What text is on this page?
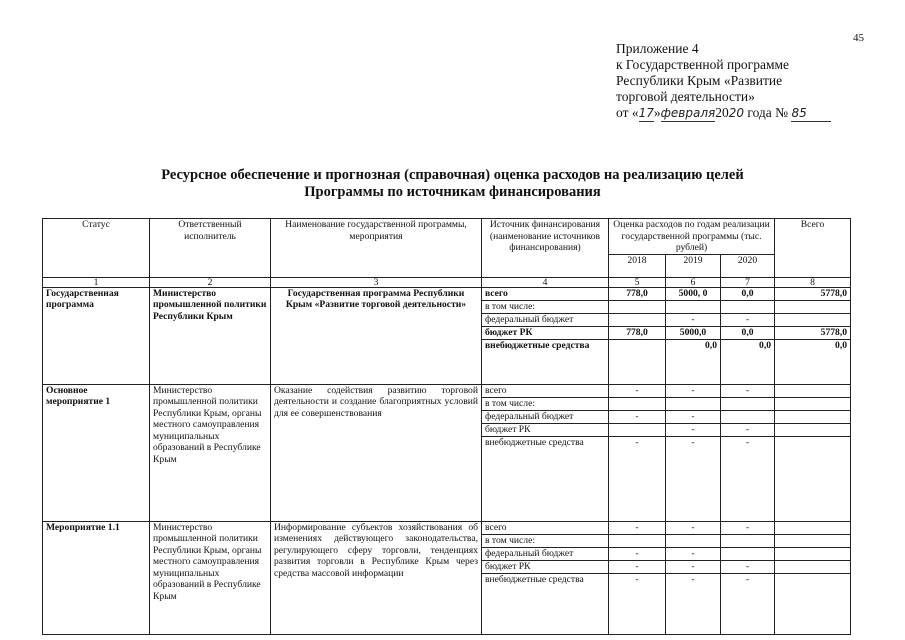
45
Приложение 4
к Государственной программе
Республики Крым «Развитие
торговой деятельности»
от «17»февраля2020 года № 85
Ресурсное обеспечение и прогнозная (справочная) оценка расходов на реализацию целей
Программы по источникам финансирования
Статус	Ответственный исполнитель	Наименование государственной программы, мероприятия	Источник финансирования (наименование источников финансирования)	Оценка расходов по годам реализации государственной программы (тыс. рублей)			Всего
				2018	2019	2020	
1	2	3	4	5	6	7	8
Государственная программа	Министерство промышленной политики Республики Крым	Государственная программа Республики Крым «Развитие торговой деятельности»	всего	778,0	5000, 0	0,0	5778,0
			в том числе:				
			федеральный бюджет		-	-	
			бюджет РК	778,0	5000,0	0,0	5778,0
			внебюджетные средства		0,0	0,0	0,0
Основное мероприятие 1	Министерство промышленной политики Республики Крым, органы местного самоуправления муниципальных образований в Республике Крым	Оказание содействия развитию торговой деятельности и создание благоприятных условий для ее совершенствования	всего	-	-	-	
			в том числе:				
			федеральный бюджет	-	-		
			бюджет РК		-	-	
			внебюджетные средства	-	-	-	
Мероприятие 1.1	Министерство промышленной политики Республики Крым, органы местного самоуправления муниципальных образований в Республике Крым	Информирование субъектов хозяйствования об изменениях действующего законодательства, регулирующего сферу торговли, тенденциях развития торговли в Республике Крым через средства массовой информации	всего	-	-	-	
			в том числе:				
			федеральный бюджет	-	-		
			бюджет РК	-	-	-	
			внебюджетные средства	-	-	-	
